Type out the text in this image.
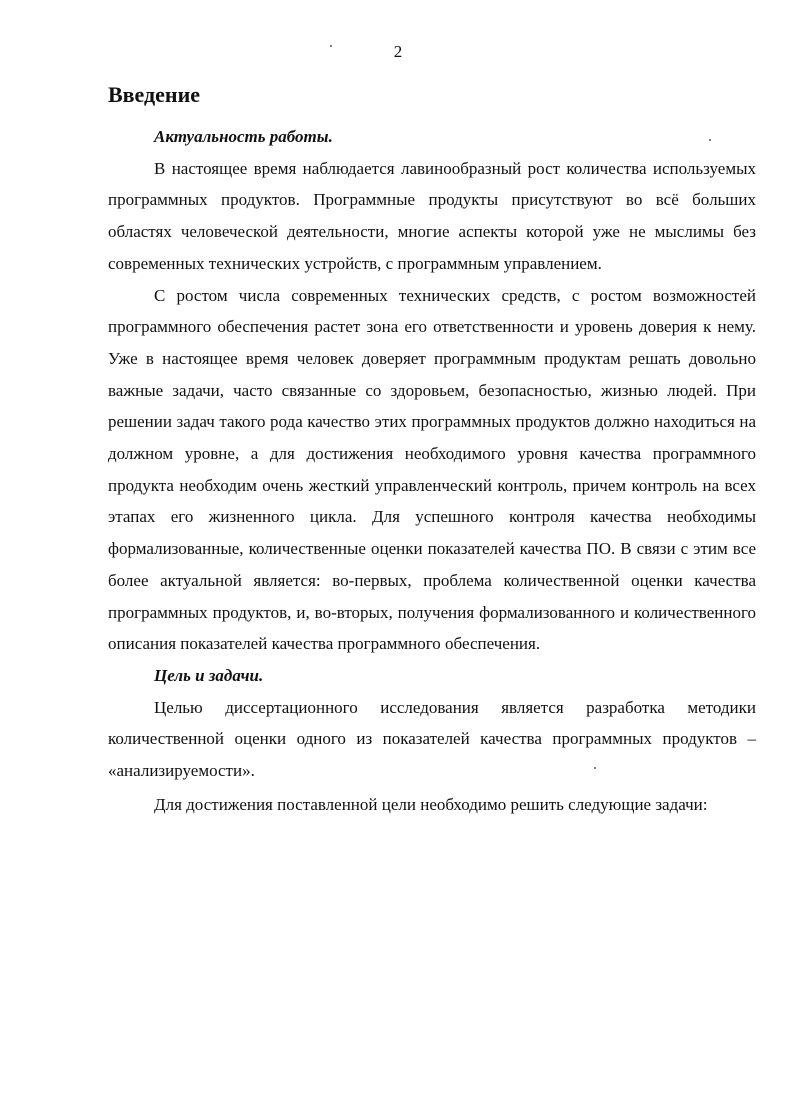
2
Введение

Актуальность работы.

В настоящее время наблюдается лавинообразный рост количества используемых программных продуктов. Программные продукты присутствуют во всё больших областях человеческой деятельности, многие аспекты которой уже не мыслимы без современных технических устройств, с программным управлением.

С ростом числа современных технических средств, с ростом возможностей программного обеспечения растет зона его ответственности и уровень доверия к нему. Уже в настоящее время человек доверяет программным продуктам решать довольно важные задачи, часто связанные со здоровьем, безопасностью, жизнью людей. При решении задач такого рода качество этих программных продуктов должно находиться на должном уровне, а для достижения необходимого уровня качества программного продукта необходим очень жесткий управленческий контроль, причем контроль на всех этапах его жизненного цикла. Для успешного контроля качества необходимы формализованные, количественные оценки показателей качества ПО. В связи с этим все более актуальной является: во-первых, проблема количественной оценки качества программных продуктов, и, во-вторых, получения формализованного и количественного описания показателей качества программного обеспечения.

Цель и задачи.

Целью диссертационного исследования является разработка методики количественной оценки одного из показателей качества программных продуктов – «анализируемости».

Для достижения поставленной цели необходимо решить следующие задачи:
